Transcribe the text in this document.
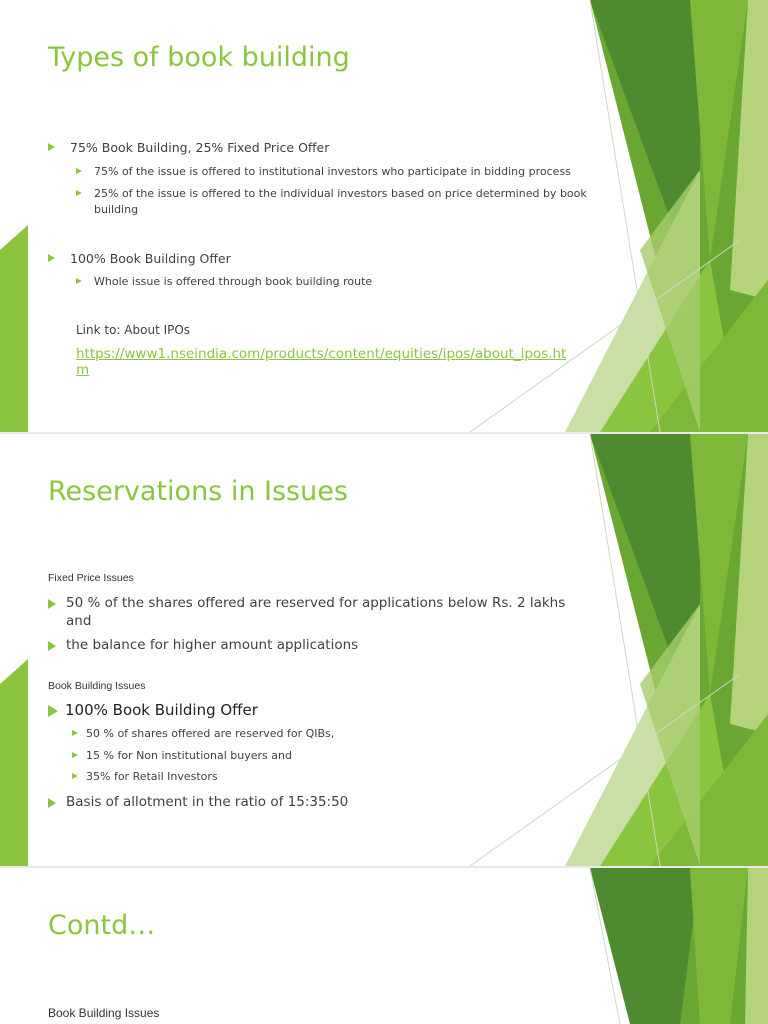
Types of book building
75% Book Building, 25% Fixed Price Offer
75% of the issue is offered to institutional investors who participate in bidding process
25% of the issue is offered to the individual investors based on price determined by book building
100% Book Building Offer
Whole issue is offered through book building route
Link to: About IPOs
https://www1.nseindia.com/products/content/equities/ipos/about_ipos.htm
Reservations in Issues
Fixed Price Issues
50 % of the shares offered are reserved for applications below Rs. 2 lakhs and
the balance for higher amount applications
Book Building Issues
100% Book Building Offer
50 % of shares offered are reserved for QIBs,
15 % for Non institutional buyers and
35% for Retail Investors
Basis of allotment in the ratio of 15:35:50
Contd…
Book Building Issues
